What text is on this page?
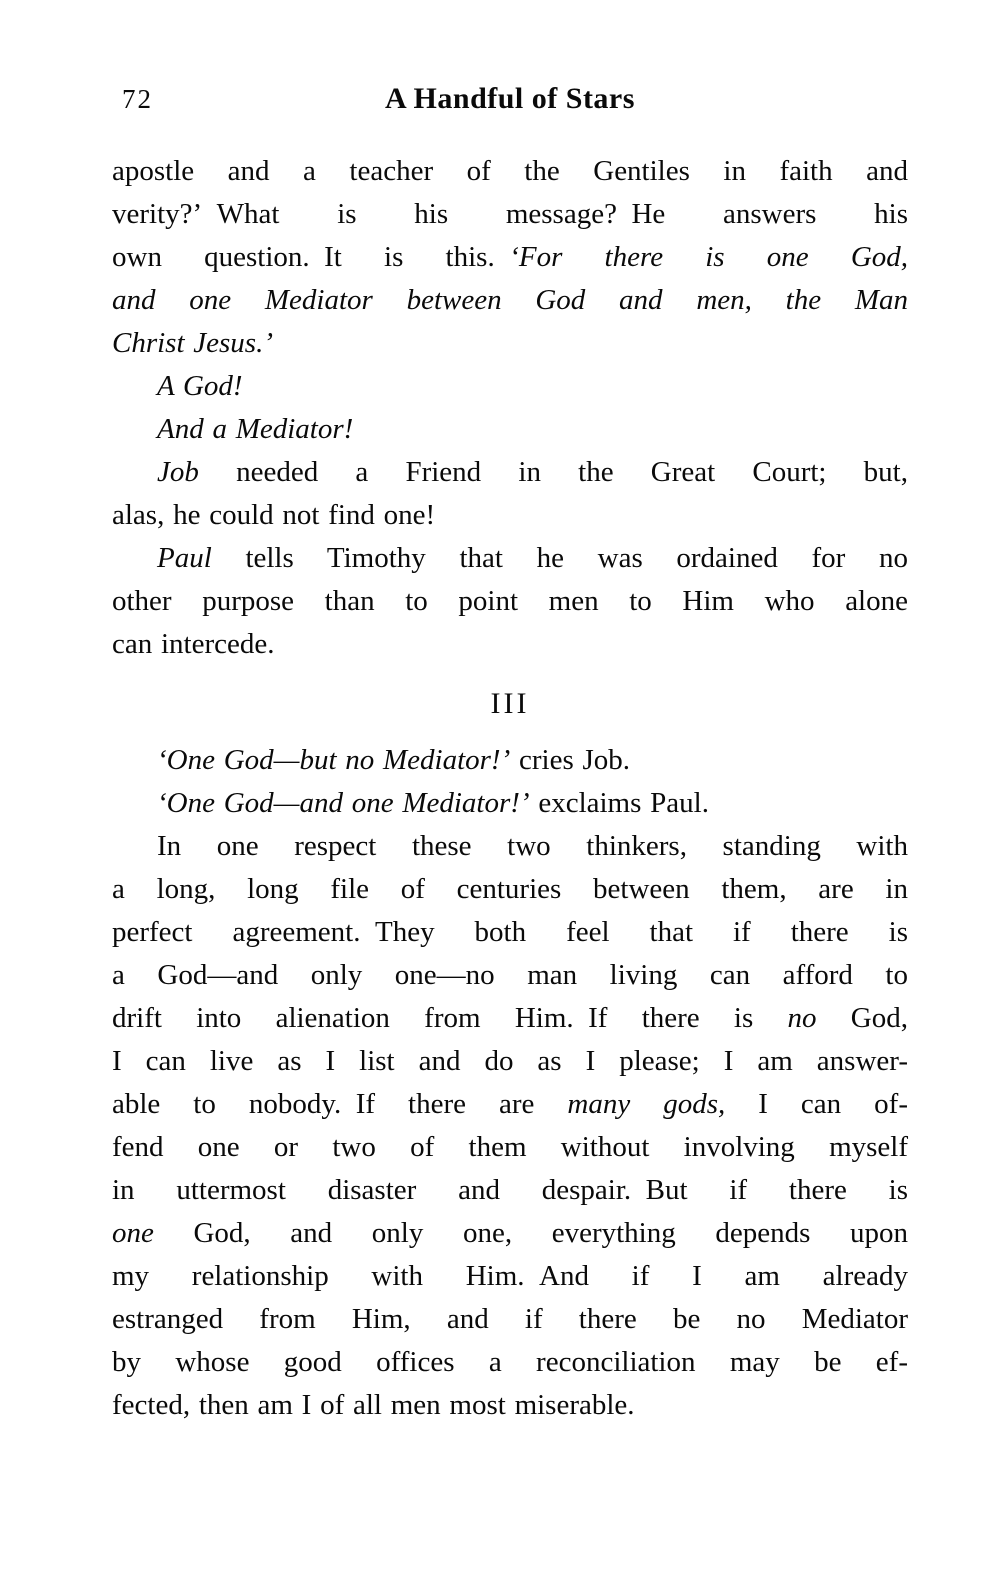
72	A Handful of Stars
apostle and a teacher of the Gentiles in faith and
verity?’ What is his message? He answers his
own question. It is this. ‘For there is one God,
and one Mediator between God and men, the Man
Christ Jesus.’
A God!
And a Mediator!
Job needed a Friend in the Great Court; but,
alas, he could not find one!
Paul tells Timothy that he was ordained for no
other purpose than to point men to Him who alone
can intercede.
III
‘One God—but no Mediator!’ cries Job.
‘One God—and one Mediator!’ exclaims Paul.
In one respect these two thinkers, standing with
a long, long file of centuries between them, are in
perfect agreement. They both feel that if there is
a God—and only one—no man living can afford to
drift into alienation from Him. If there is no God,
I can live as I list and do as I please; I am answer-
able to nobody. If there are many gods, I can of-
fend one or two of them without involving myself
in uttermost disaster and despair. But if there is
one God, and only one, everything depends upon
my relationship with Him. And if I am already
estranged from Him, and if there be no Mediator
by whose good offices a reconciliation may be ef-
fected, then am I of all men most miserable.
